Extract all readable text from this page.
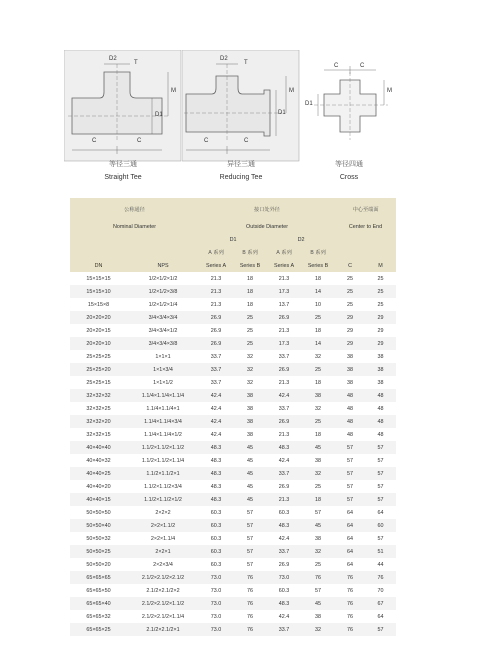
D2
T
M
D1
C	C
等径三通
Straight Tee
D2
T
M
D1
C	C
异径三通
Reducing Tee
C	C
M
D1
等径四通
Cross
公称通径		接口处外径				中心至端面	
Nominal Diameter		Outside Diameter				Center to End	
		D1		D2			
		A 系列	B 系列	A 系列	B 系列		
DN	NPS	Series A	Series B	Series A	Series B	C	M
15×15×15	1/2×1/2×1/2	21.3	18	21.3	18	25	25
15×15×10	1/2×1/2×3/8	21.3	18	17.3	14	25	25
15×15×8	1/2×1/2×1/4	21.3	18	13.7	10	25	25
20×20×20	3/4×3/4×3/4	26.9	25	26.9	25	29	29
20×20×15	3/4×3/4×1/2	26.9	25	21.3	18	29	29
20×20×10	3/4×3/4×3/8	26.9	25	17.3	14	29	29
25×25×25	1×1×1	33.7	32	33.7	32	38	38
25×25×20	1×1×3/4	33.7	32	26.9	25	38	38
25×25×15	1×1×1/2	33.7	32	21.3	18	38	38
32×32×32	1.1/4×1.1/4×1.1/4	42.4	38	42.4	38	48	48
32×32×25	1.1/4×1.1/4×1	42.4	38	33.7	32	48	48
32×32×20	1.1/4×1.1/4×3/4	42.4	38	26.9	25	48	48
32×32×15	1.1/4×1.1/4×1/2	42.4	38	21.3	18	48	48
40×40×40	1.1/2×1.1/2×1.1/2	48.3	45	48.3	45	57	57
40×40×32	1.1/2×1.1/2×1.1/4	48.3	45	42.4	38	57	57
40×40×25	1.1/2×1.1/2×1	48.3	45	33.7	32	57	57
40×40×20	1.1/2×1.1/2×3/4	48.3	45	26.9	25	57	57
40×40×15	1.1/2×1.1/2×1/2	48.3	45	21.3	18	57	57
50×50×50	2×2×2	60.3	57	60.3	57	64	64
50×50×40	2×2×1.1/2	60.3	57	48.3	45	64	60
50×50×32	2×2×1.1/4	60.3	57	42.4	38	64	57
50×50×25	2×2×1	60.3	57	33.7	32	64	51
50×50×20	2×2×3/4	60.3	57	26.9	25	64	44
65×65×65	2.1/2×2.1/2×2.1/2	73.0	76	73.0	76	76	76
65×65×50	2.1/2×2.1/2×2	73.0	76	60.3	57	76	70
65×65×40	2.1/2×2.1/2×1.1/2	73.0	76	48.3	45	76	67
65×65×32	2.1/2×2.1/2×1.1/4	73.0	76	42.4	38	76	64
65×65×25	2.1/2×2.1/2×1	73.0	76	33.7	32	76	57
